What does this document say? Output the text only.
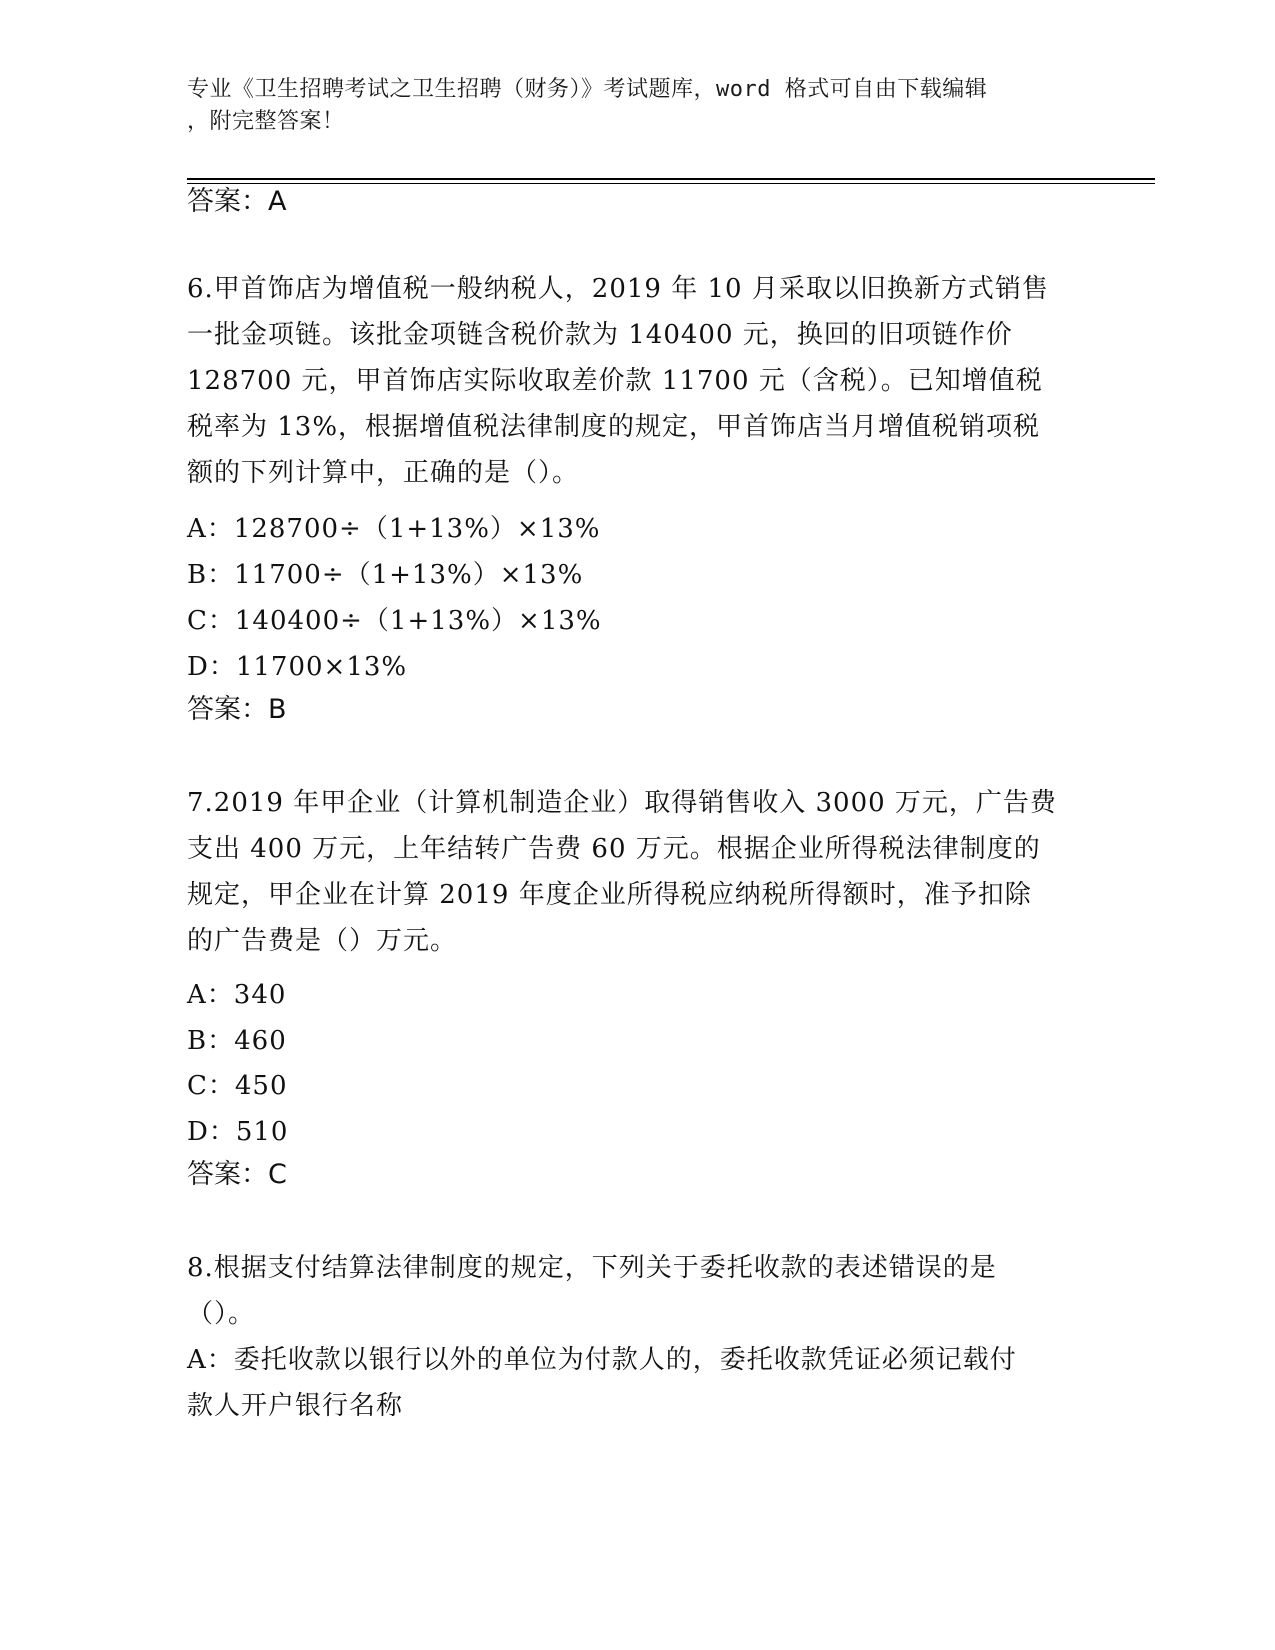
专业《卫生招聘考试之卫生招聘（财务）》考试题库，word 格式可自由下载编辑
，附完整答案！
答案：A
6.甲首饰店为增值税一般纳税人，2019 年 10 月采取以旧换新方式销售
一批金项链。该批金项链含税价款为 140400 元，换回的旧项链作价
128700 元，甲首饰店实际收取差价款 11700 元（含税）。已知增值税
税率为 13%，根据增值税法律制度的规定，甲首饰店当月增值税销项税
额的下列计算中，正确的是（）。
A：128700÷（1+13%）×13%
B：11700÷（1+13%）×13%
C：140400÷（1+13%）×13%
D：11700×13%
答案：B
7.2019 年甲企业（计算机制造企业）取得销售收入 3000 万元，广告费
支出 400 万元，上年结转广告费 60 万元。根据企业所得税法律制度的
规定，甲企业在计算 2019 年度企业所得税应纳税所得额时，准予扣除
的广告费是（）万元。
A：340
B：460
C：450
D：510
答案：C
8.根据支付结算法律制度的规定，下列关于委托收款的表述错误的是
（）。
A：委托收款以银行以外的单位为付款人的，委托收款凭证必须记载付
款人开户银行名称
